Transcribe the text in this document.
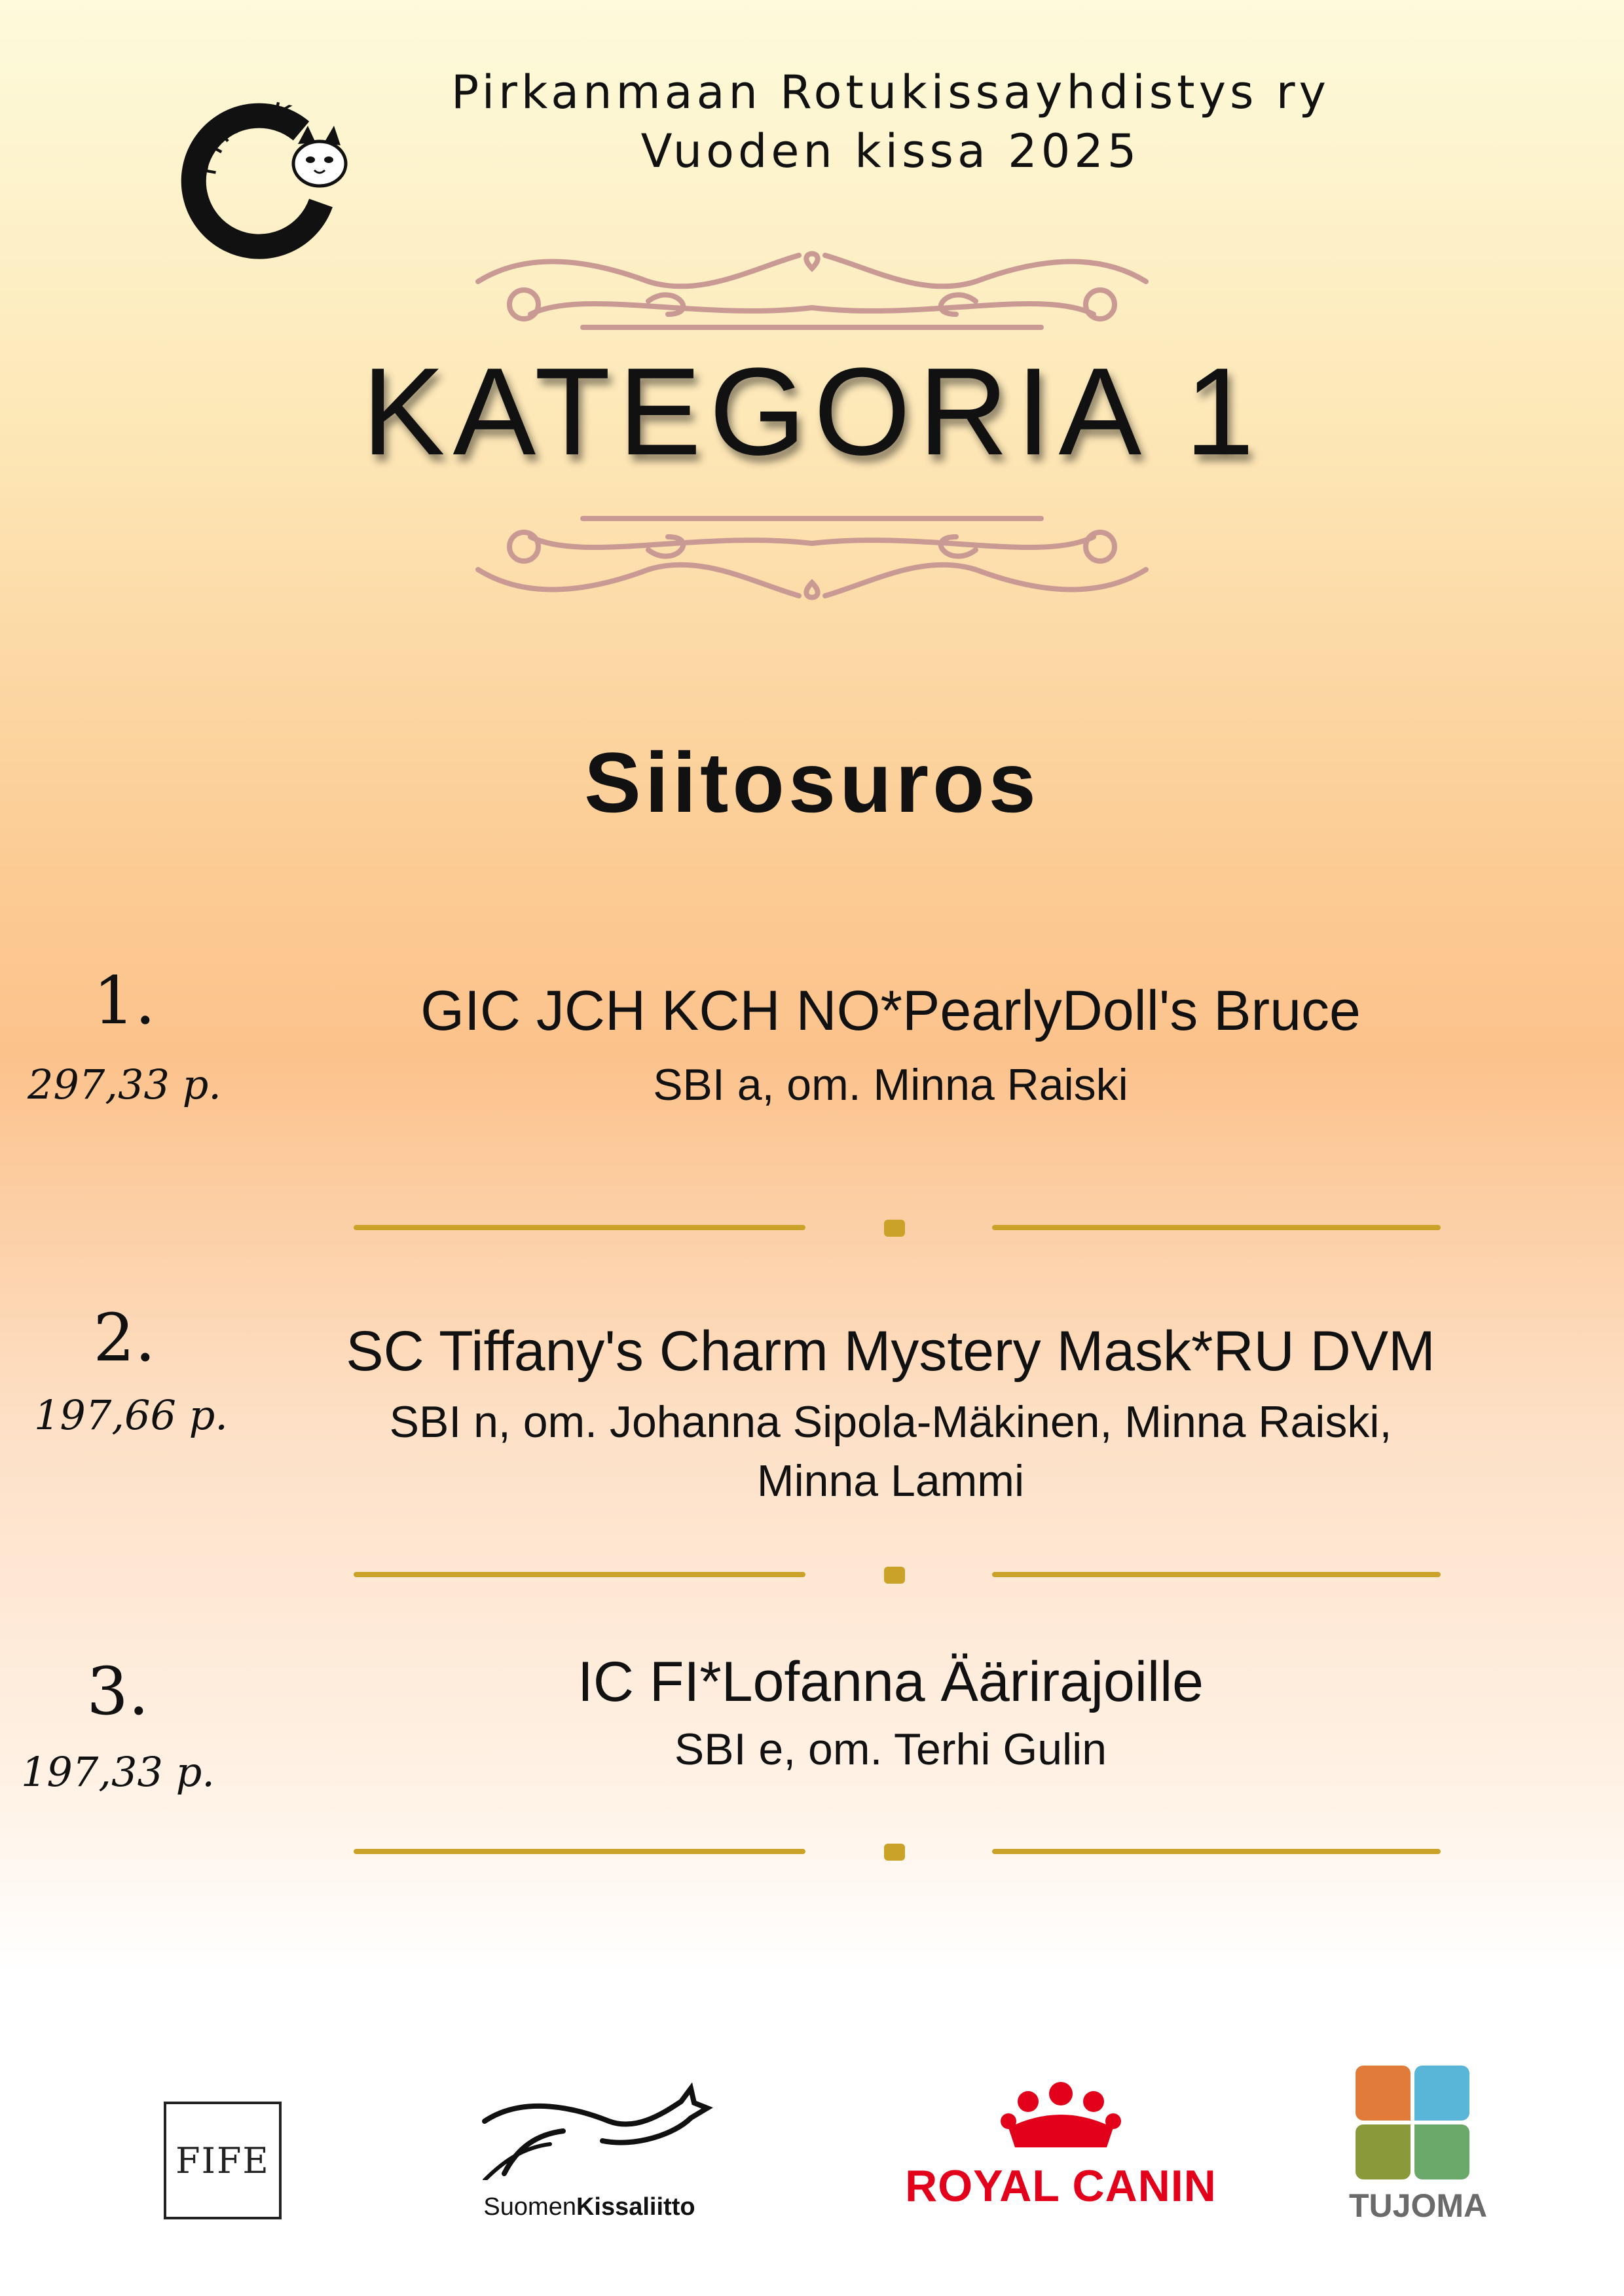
PIROK	Pirkanmaan Rotukissayhdistys ry
Vuoden kissa 2025
KATEGORIA 1
Siitosuros
1.
297,33 p.
GIC JCH KCH NO*PearlyDoll's Bruce
SBI a, om. Minna Raiski
2.
197,66 p.
SC Tiffany's Charm Mystery Mask*RU DVM
SBI n, om. Johanna Sipola-Mäkinen, Minna Raiski,
Minna Lammi
3.
197,33 p.
IC FI*Lofanna Äärirajoille
SBI e, om. Terhi Gulin
FIFE
SuomenKissaliitto	ROYAL CANIN	TUJOMA
